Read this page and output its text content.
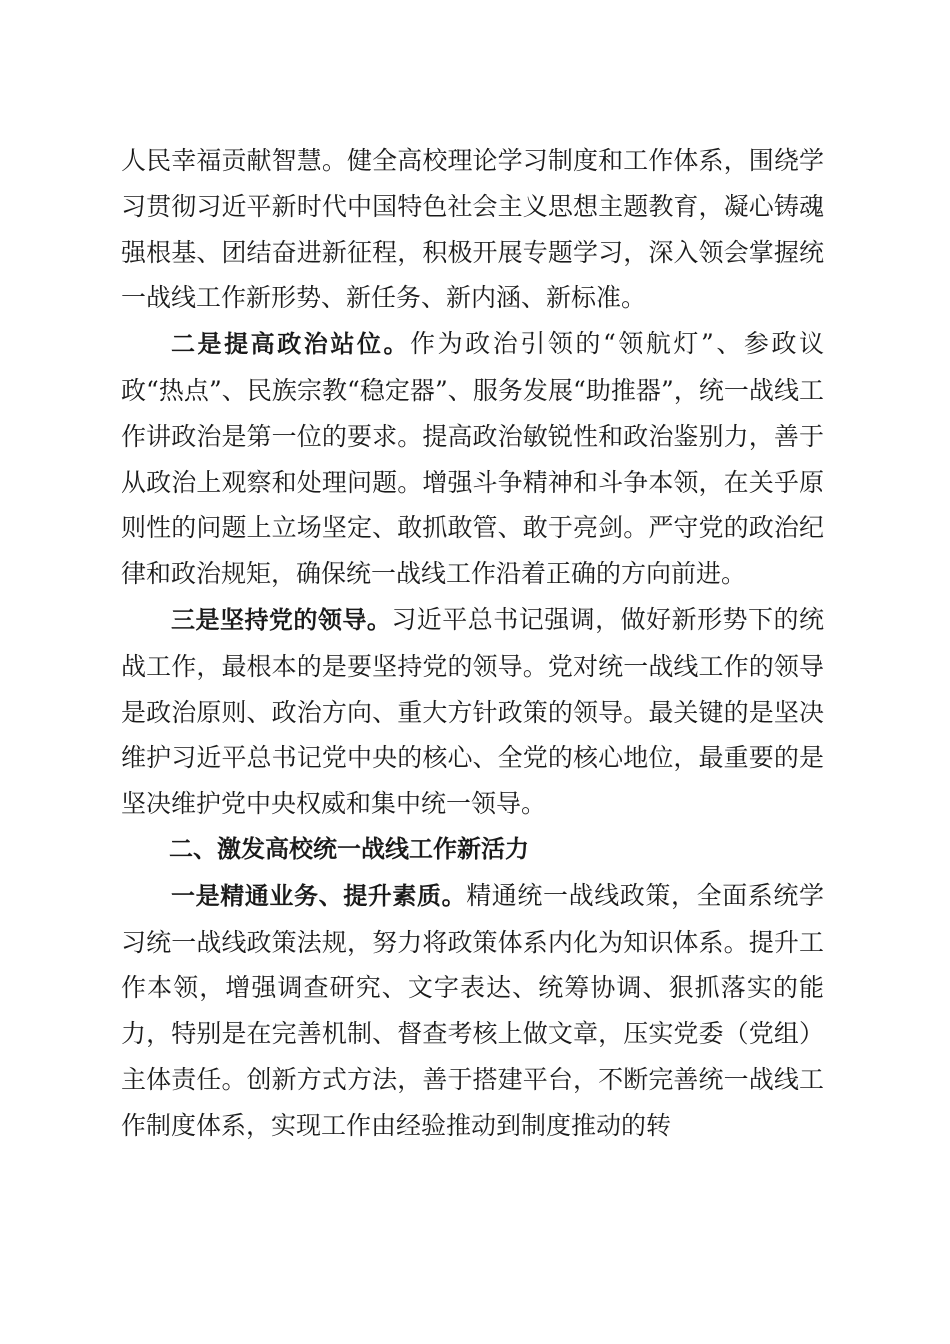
人民幸福贡献智慧。健全高校理论学习制度和工作体系，围绕学习贯彻习近平新时代中国特色社会主义思想主题教育，凝心铸魂强根基、团结奋进新征程，积极开展专题学习，深入领会掌握统一战线工作新形势、新任务、新内涵、新标准。

二是提高政治站位。作为政治引领的“领航灯”、参政议政“热点”、民族宗教“稳定器”、服务发展“助推器”，统一战线工作讲政治是第一位的要求。提高政治敏锐性和政治鉴别力，善于从政治上观察和处理问题。增强斗争精神和斗争本领，在关乎原则性的问题上立场坚定、敢抓敢管、敢于亮剑。严守党的政治纪律和政治规矩，确保统一战线工作沿着正确的方向前进。

三是坚持党的领导。习近平总书记强调，做好新形势下的统战工作，最根本的是要坚持党的领导。党对统一战线工作的领导是政治原则、政治方向、重大方针政策的领导。最关键的是坚决维护习近平总书记党中央的核心、全党的核心地位，最重要的是坚决维护党中央权威和集中统一领导。

二、激发高校统一战线工作新活力

一是精通业务、提升素质。精通统一战线政策，全面系统学习统一战线政策法规，努力将政策体系内化为知识体系。提升工作本领，增强调查研究、文字表达、统筹协调、狠抓落实的能力，特别是在完善机制、督查考核上做文章，压实党委（党组）主体责任。创新方式方法，善于搭建平台，不断完善统一战线工作制度体系，实现工作由经验推动到制度推动的转
